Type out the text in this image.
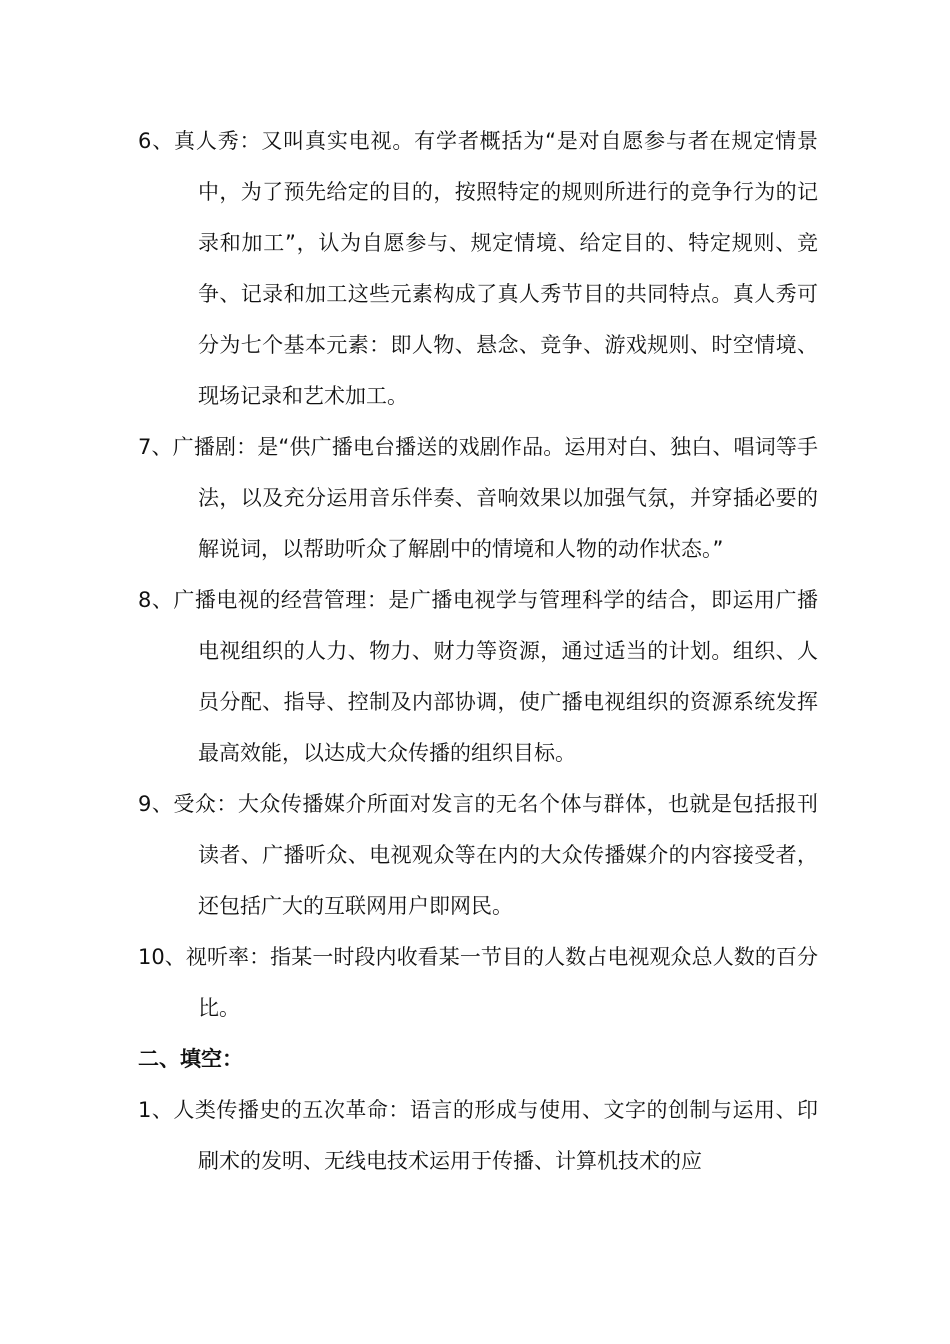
6、真人秀：又叫真实电视。有学者概括为“是对自愿参与者在规定情景中，为了预先给定的目的，按照特定的规则所进行的竞争行为的记录和加工”，认为自愿参与、规定情境、给定目的、特定规则、竞争、记录和加工这些元素构成了真人秀节目的共同特点。真人秀可分为七个基本元素：即人物、悬念、竞争、游戏规则、时空情境、现场记录和艺术加工。

7、广播剧：是“供广播电台播送的戏剧作品。运用对白、独白、唱词等手法，以及充分运用音乐伴奏、音响效果以加强气氛，并穿插必要的解说词，以帮助听众了解剧中的情境和人物的动作状态。”

8、广播电视的经营管理：是广播电视学与管理科学的结合，即运用广播电视组织的人力、物力、财力等资源，通过适当的计划。组织、人员分配、指导、控制及内部协调，使广播电视组织的资源系统发挥最高效能，以达成大众传播的组织目标。

9、受众：大众传播媒介所面对发言的无名个体与群体，也就是包括报刊读者、广播听众、电视观众等在内的大众传播媒介的内容接受者，还包括广大的互联网用户即网民。

10、视听率：指某一时段内收看某一节目的人数占电视观众总人数的百分比。

二、填空：

1、人类传播史的五次革命：语言的形成与使用、文字的创制与运用、印刷术的发明、无线电技术运用于传播、计算机技术的应
